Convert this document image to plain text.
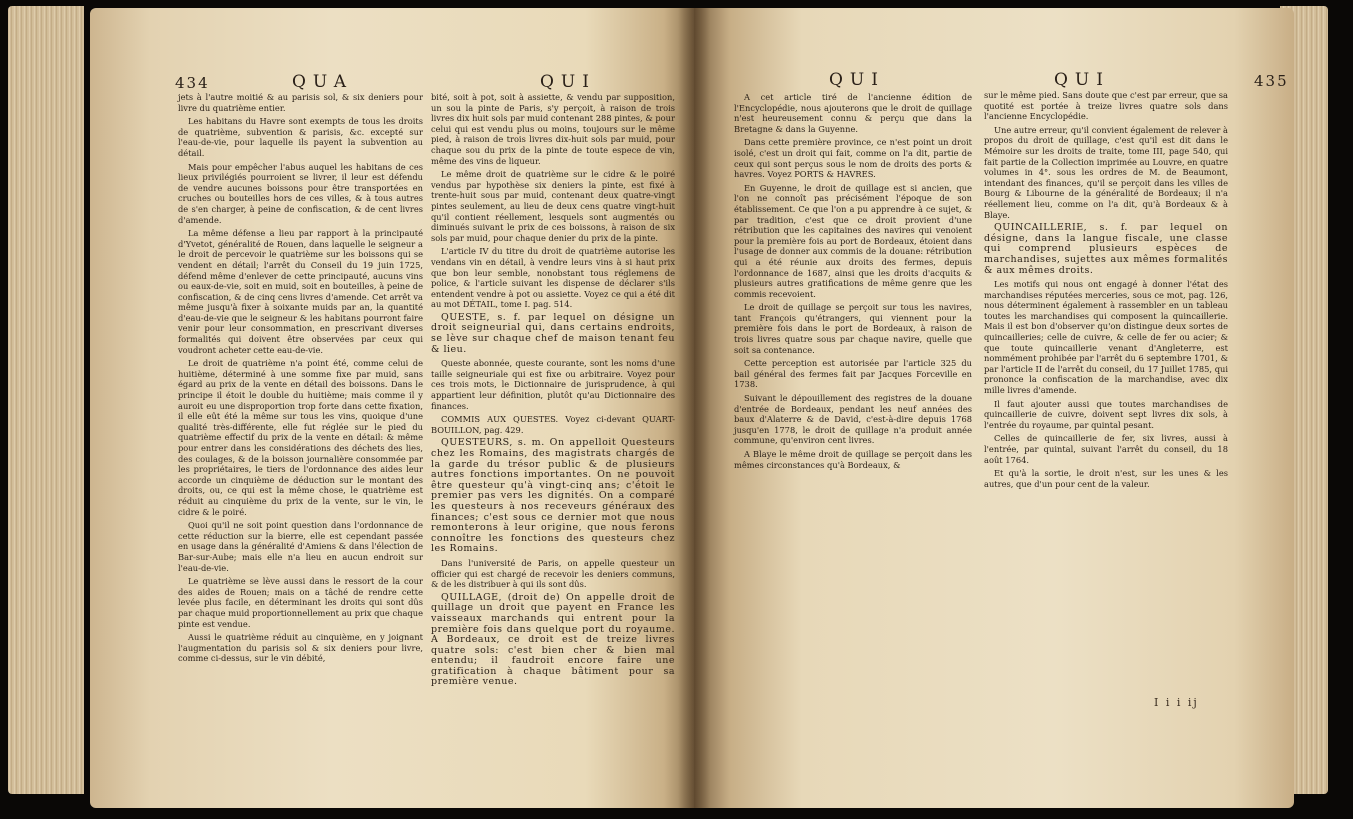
434	QUA	QUI

jets à l'autre moitié & au parisis sol, & six deniers pour livre du quatrième entier.

Les habitans du Havre sont exempts de tous les droits de quatrième, subvention & parisis, &c. excepté sur l'eau-de-vie, pour laquelle ils payent la subvention au détail.

Mais pour empêcher l'abus auquel les habitans de ces lieux privilégiés pourroient se livrer, il leur est défendu de vendre aucunes boissons pour être transportées en cruches ou bouteilles hors de ces villes, & à tous autres de s'en charger, à peine de confiscation, & de cent livres d'amende.

La même défense a lieu par rapport à la principauté d'Yvetot, généralité de Rouen, dans laquelle le seigneur a le droit de percevoir le quatrième sur les boissons qui se vendent en détail; l'arrêt du Conseil du 19 juin 1725, défend même d'enlever de cette principauté, aucuns vins ou eaux-de-vie, soit en muid, soit en bouteilles, à peine de confiscation, & de cinq cens livres d'amende. Cet arrêt va même jusqu'à fixer à soixante muids par an, la quantité d'eau-de-vie que le seigneur & les habitans pourront faire venir pour leur consommation, en prescrivant diverses formalités qui doivent être observées par ceux qui voudront acheter cette eau-de-vie.

Le droit de quatrième n'a point été, comme celui de huitième, déterminé à une somme fixe par muid, sans égard au prix de la vente en détail des boissons. Dans le principe il étoit le double du huitième; mais comme il y auroit eu une disproportion trop forte dans cette fixation, il elle eût été la même sur tous les vins, quoique d'une qualité très-différente, elle fut réglée sur le pied du quatrième effectif du prix de la vente en détail: & même pour entrer dans les considérations des déchets des lies, des coulages, & de la boisson journalière consommée par les propriétaires, le tiers de l'ordonnance des aides leur accorde un cinquième de déduction sur le montant des droits, ou, ce qui est la même chose, le quatrième est réduit au cinquième du prix de la vente, sur le vin, le cidre & le poiré.

Quoi qu'il ne soit point question dans l'ordonnance de cette réduction sur la bierre, elle est cependant passée en usage dans la généralité d'Amiens & dans l'élection de Bar-sur-Aube; mais elle n'a lieu en aucun endroit sur l'eau-de-vie.

Le quatrième se lève aussi dans le ressort de la cour des aides de Rouen; mais on a tâché de rendre cette levée plus facile, en déterminant les droits qui sont dûs par chaque muid proportionnellement au prix que chaque pinte est vendue.

Aussi le quatrième réduit au cinquième, en y joignant l'augmentation du parisis sol & six deniers pour livre, comme ci-dessus, sur le vin débité,

bité, soit à pot, soit à assiette, & vendu par supposition, un sou la pinte de Paris, s'y perçoit, à raison de trois livres dix huit sols par muid contenant 288 pintes, & pour celui qui est vendu plus ou moins, toujours sur le même pied, à raison de trois livres dix-huit sols par muid, pour chaque sou du prix de la pinte de toute espece de vin, même des vins de liqueur.

Le même droit de quatrième sur le cidre & le poiré vendus par hypothèse six deniers la pinte, est fixé à trente-huit sous par muid, contenant deux quatre-vingt pintes seulement, au lieu de deux cens quatre vingt-huit qu'il contient réellement, lesquels sont augmentés ou diminués suivant le prix de ces boissons, à raison de six sols par muid, pour chaque denier du prix de la pinte.

L'article IV du titre du droit de quatrième autorise les vendans vin en détail, à vendre leurs vins à si haut prix que bon leur semble, nonobstant tous réglemens de police, & l'article suivant les dispense de déclarer s'ils entendent vendre à pot ou assiette. Voyez ce qui a été dit au mot DÉTAIL, tome I. pag. 514.

QUESTE, s. f. par lequel on désigne un droit seigneurial qui, dans certains endroits, se lève sur chaque chef de maison tenant feu & lieu.

Queste abonnée, queste courante, sont les noms d'une taille seigneuriale qui est fixe ou arbitraire. Voyez pour ces trois mots, le Dictionnaire de jurisprudence, à qui appartient leur définition, plutôt qu'au Dictionnaire des finances.

COMMIS AUX QUESTES. Voyez ci-devant QUART-BOUILLON, pag. 429.

QUESTEURS, s. m. On appelloit Questeurs chez les Romains, des magistrats chargés de la garde du trésor public & de plusieurs autres fonctions importantes. On ne pouvoit être questeur qu'à vingt-cinq ans; c'étoit le premier pas vers les dignités. On a comparé les questeurs à nos receveurs généraux des finances; c'est sous ce dernier mot que nous remonterons à leur origine, que nous ferons connoître les fonctions des questeurs chez les Romains.

Dans l'université de Paris, on appelle questeur un officier qui est chargé de recevoir les deniers communs, & de les distribuer à qui ils sont dûs.

QUILLAGE, (droit de) On appelle droit de quillage un droit que payent en France les vaisseaux marchands qui entrent pour la première fois dans quelque port du royaume. A Bordeaux, ce droit est de treize livres quatre sols: c'est bien cher & bien mal entendu; il faudroit encore faire une gratification à chaque bâtiment pour sa première venue.

QUI	QUI	435

A cet article tiré de l'ancienne édition de l'Encyclopédie, nous ajouterons que le droit de quillage n'est heureusement connu & perçu que dans la Bretagne & dans la Guyenne.

Dans cette première province, ce n'est point un droit isolé, c'est un droit qui fait, comme on l'a dit, partie de ceux qui sont perçus sous le nom de droits des ports & havres. Voyez PORTS & HAVRES.

En Guyenne, le droit de quillage est si ancien, que l'on ne connoît pas précisément l'époque de son établissement. Ce que l'on a pu apprendre à ce sujet, & par tradition, c'est que ce droit provient d'une rétribution que les capitaines des navires qui venoient pour la première fois au port de Bordeaux, étoient dans l'usage de donner aux commis de la douane: rétribution qui a été réunie aux droits des fermes, depuis l'ordonnance de 1687, ainsi que les droits d'acquits & plusieurs autres gratifications de même genre que les commis recevoient.

Le droit de quillage se perçoit sur tous les navires, tant François qu'étrangers, qui viennent pour la première fois dans le port de Bordeaux, à raison de trois livres quatre sous par chaque navire, quelle que soit sa contenance.

Cette perception est autorisée par l'article 325 du bail général des fermes fait par Jacques Forceville en 1738.

Suivant le dépouillement des registres de la douane d'entrée de Bordeaux, pendant les neuf années des baux d'Alaterre & de David, c'est-à-dire depuis 1768 jusqu'en 1778, le droit de quillage n'a produit année commune, qu'environ cent livres.

A Blaye le même droit de quillage se perçoit dans les mêmes circonstances qu'à Bordeaux, &

sur le même pied. Sans doute que c'est par erreur, que sa quotité est portée à treize livres quatre sols dans l'ancienne Encyclopédie.

Une autre erreur, qu'il convient également de relever à propos du droit de quillage, c'est qu'il est dit dans le Mémoire sur les droits de traite, tome III, page 540, qui fait partie de la Collection imprimée au Louvre, en quatre volumes in 4°. sous les ordres de M. de Beaumont, intendant des finances, qu'il se perçoit dans les villes de Bourg & Libourne de la généralité de Bordeaux; il n'a réellement lieu, comme on l'a dit, qu'à Bordeaux & à Blaye.

QUINCAILLERIE, s. f. par lequel on désigne, dans la langue fiscale, une classe qui comprend plusieurs espèces de marchandises, sujettes aux mêmes formalités & aux mêmes droits.

Les motifs qui nous ont engagé à donner l'état des marchandises réputées merceries, sous ce mot, pag. 126, nous déterminent également à rassembler en un tableau toutes les marchandises qui composent la quincaillerie. Mais il est bon d'observer qu'on distingue deux sortes de quincailleries; celle de cuivre, & celle de fer ou acier; & que toute quincaillerie venant d'Angleterre, est nommément prohibée par l'arrêt du 6 septembre 1701, & par l'article II de l'arrêt du conseil, du 17 Juillet 1785, qui prononce la confiscation de la marchandise, avec dix mille livres d'amende.

Il faut ajouter aussi que toutes marchandises de quincaillerie de cuivre, doivent sept livres dix sols, à l'entrée du royaume, par quintal pesant.

Celles de quincaillerie de fer, six livres, aussi à l'entrée, par quintal, suivant l'arrêt du conseil, du 18 août 1764.

Et qu'à la sortie, le droit n'est, sur les unes & les autres, que d'un pour cent de la valeur.

I i i ij
